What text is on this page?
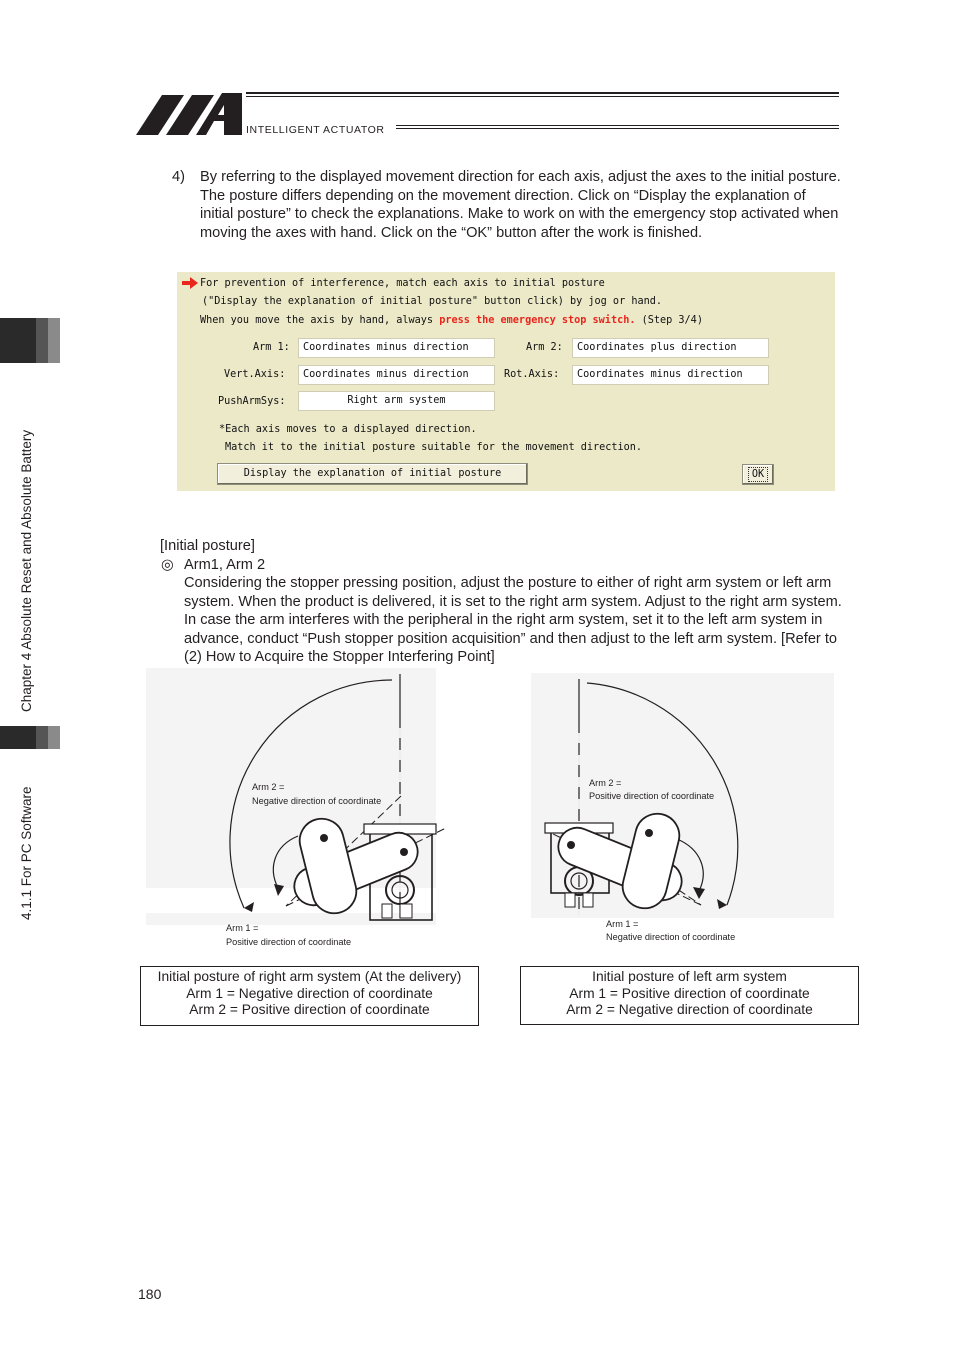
INTELLIGENT ACTUATOR
Chapter 4 Absolute Reset and Absolute Battery
4.1.1 For PC Software
4) By referring to the displayed movement direction for each axis, adjust the axes to the initial posture. The posture differs depending on the movement direction. Click on “Display the explanation of initial posture” to check the explanations. Make to work on with the emergency stop activated when moving the axes with hand. Click on the “OK” button after the work is finished.
For prevention of interference, match each axis to initial posture
("Display the explanation of initial posture" button click) by jog or hand.
When you move the axis by hand, always press the emergency stop switch. (Step 3/4)
Arm 1:	Coordinates minus direction	Arm 2:	Coordinates plus direction
Vert.Axis:	Coordinates minus direction	Rot.Axis:	Coordinates minus direction
PushArmSys:	Right arm system
*Each axis moves to a displayed direction.
Match it to the initial posture suitable for the movement direction.
Display the explanation of initial posture	OK
[Initial posture]
◎ Arm1, Arm 2
Considering the stopper pressing position, adjust the posture to either of right arm system or left arm system. When the product is delivered, it is set to the right arm system. Adjust to the right arm system. In case the arm interferes with the peripheral in the right arm system, set it to the left arm system in advance, conduct “Push stopper position acquisition” and then adjust to the left arm system. [Refer to (2) How to Acquire the Stopper Interfering Point]
Arm 2 =
Negative direction of coordinate
Arm 1 =
Positive direction of coordinate
Initial posture of right arm system (At the delivery)
Arm 1 = Negative direction of coordinate
Arm 2 = Positive direction of coordinate
Arm 2 =
Positive direction of coordinate
Arm 1 =
Negative direction of coordinate
Initial posture of left arm system
Arm 1 = Positive direction of coordinate
Arm 2 = Negative direction of coordinate
180
